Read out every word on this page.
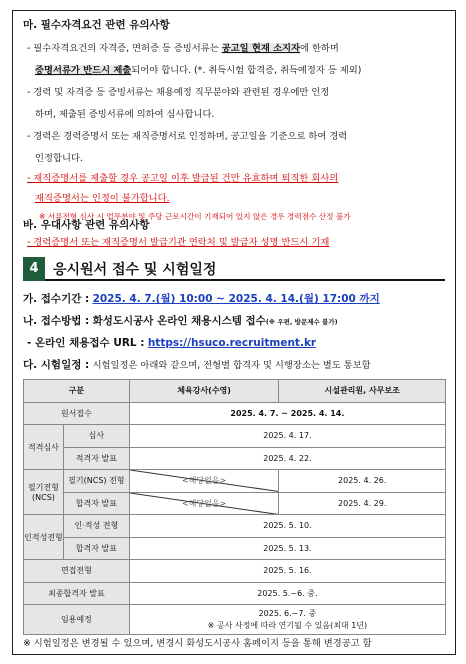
마. 필수자격요건 관련 유의사항
- 필수자격요건의 자격증, 면허증 등 증빙서류는 공고일 현재 소지자에 한하며
증명서류가 반드시 제출되어야 합니다. (*. 취득시험 합격증, 취득예정자 등 제외)
- 경력 및 자격증 등 증빙서류는 채용예정 직무분야와 관련된 경우에만 인정
하며, 제출된 증빙서류에 의하여 심사합니다.
- 경력은 경력증명서 또는 재직증명서로 인정하며, 공고일을 기준으로 하여 경력
인정합니다.
- 재직증명서를 제출할 경우 공고일 이후 발급된 건만 유효하며 퇴직한 회사의
재직증명서는 인정이 불가합니다.
※ 서류전형 심사 시 업무분야 및 주당 근로시간이 기재되어 있지 않은 경우 경력점수 산정 불가
바. 우대사항 관련 유의사항
- 경력증명서 또는 재직증명서 발급기관 연락처 및 발급자 성명 반드시 기재
4	응시원서 접수 및 시험일정
가. 접수기간 : 2025. 4. 7.(월) 10:00 ~ 2025. 4. 14.(월) 17:00 까지
나. 접수방법 : 화성도시공사 온라인 채용시스템 접수(※ 우편, 방문제수 불가)
- 온라인 채용접수 URL : https://hsuco.recruitment.kr
다. 시험일정 : 시험일정은 아래와 같으며, 전형별 합격자 및 시행장소는 별도 통보함
구분		체육강사(수영)	시설관리원, 사무보조
원서접수		2025. 4. 7. ~ 2025. 4. 14.	
적격심사	심사	2025. 4. 17.	
	적격자 발표	2025. 4. 22.	
필기전형 (NCS)	필기(NCS) 전형	<해당없음>	2025. 4. 26.
	합격자 발표	<해당없음>	2025. 4. 29.
인적성전형	인·적성 전형	2025. 5. 10.	
	합격자 발표	2025. 5. 13.	
면접전형		2025. 5. 16.	
최종합격자 발표		2025. 5.~6. 중.	
임용예정		2025. 6.~7. 중
※ 공사 사정에 따라 연기될 수 있음(최대 1년)	
※ 시험일정은 변경될 수 있으며, 변경시 화성도시공사 홈페이지 등을 통해 변경공고 함
